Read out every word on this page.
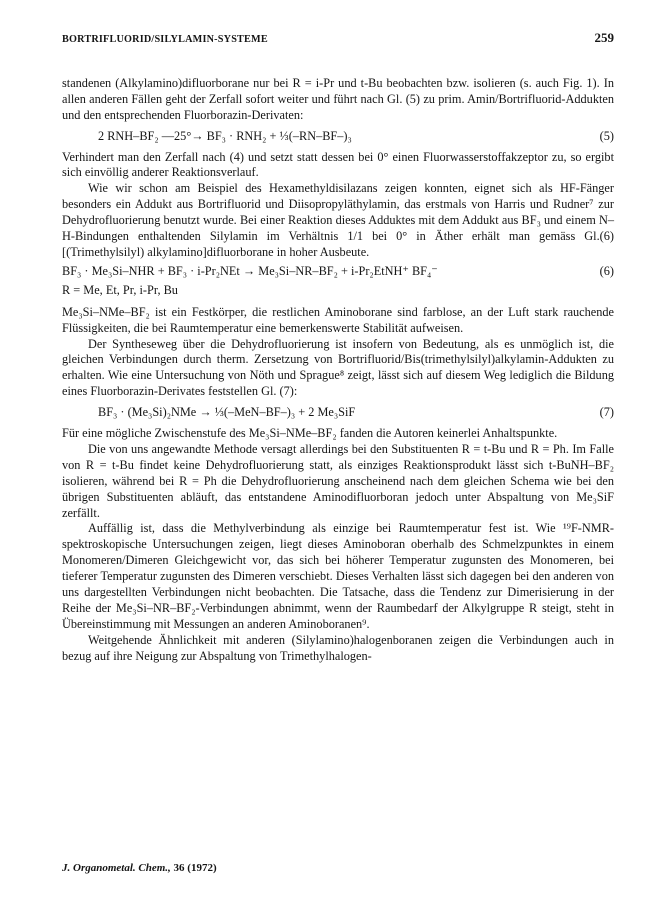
BORTRIFLUORID/SILYLAMIN-SYSTEME	259

standenen (Alkylamino)difluorborane nur bei R = i-Pr und t-Bu beobachten bzw. isolieren (s. auch Fig. 1). In allen anderen Fällen geht der Zerfall sofort weiter und führt nach Gl. (5) zu prim. Amin/Bortrifluorid-Addukten und den entsprechenden Fluorborazin-Derivaten:

2 RNH–BF₂ —25°→ BF₃ · RNH₂ + ⅓(–RN–BF–)₃	(5)

Verhindert man den Zerfall nach (4) und setzt statt dessen bei 0° einen Fluorwasserstoffakzeptor zu, so ergibt sich einvöllig anderer Reaktionsverlauf.

Wie wir schon am Beispiel des Hexamethyldisilazans zeigen konnten, eignet sich als HF-Fänger besonders ein Addukt aus Bortrifluorid und Diisopropyläthylamin, das erstmals von Harris und Rudner⁷ zur Dehydrofluorierung benutzt wurde. Bei einer Reaktion dieses Adduktes mit dem Addukt aus BF₃ und einem N–H-Bindungen enthaltenden Silylamin im Verhältnis 1/1 bei 0° in Äther erhält man gemäss Gl.(6) [(Trimethylsilyl) alkylamino]difluorborane in hoher Ausbeute.

BF₃ · Me₃Si–NHR + BF₃ · i-Pr₂NEt → Me₃Si–NR–BF₂ + i-Pr₂EtNH⁺ BF₄⁻	(6)

R = Me, Et, Pr, i-Pr, Bu

Me₃Si–NMe–BF₂ ist ein Festkörper, die restlichen Aminoborane sind farblose, an der Luft stark rauchende Flüssigkeiten, die bei Raumtemperatur eine bemerkenswerte Stabilität aufweisen.

Der Syntheseweg über die Dehydrofluorierung ist insofern von Bedeutung, als es unmöglich ist, die gleichen Verbindungen durch therm. Zersetzung von Bortrifluorid/Bis(trimethylsilyl)alkylamin-Addukten zu erhalten. Wie eine Untersuchung von Nöth und Sprague⁸ zeigt, lässt sich auf diesem Weg lediglich die Bildung eines Fluorborazin-Derivates feststellen Gl. (7):

BF₃ · (Me₃Si)₂NMe → ⅓(–MeN–BF–)₃ + 2 Me₃SiF	(7)

Für eine mögliche Zwischenstufe des Me₃Si–NMe–BF₂ fanden die Autoren keinerlei Anhaltspunkte.

Die von uns angewandte Methode versagt allerdings bei den Substituenten R = t-Bu und R = Ph. Im Falle von R = t-Bu findet keine Dehydrofluorierung statt, als einziges Reaktionsprodukt lässt sich t-BuNH–BF₂ isolieren, während bei R = Ph die Dehydrofluorierung anscheinend nach dem gleichen Schema wie bei den übrigen Substituenten abläuft, das entstandene Aminodifluorboran jedoch unter Abspaltung von Me₃SiF zerfällt.

Auffällig ist, dass die Methylverbindung als einzige bei Raumtemperatur fest ist. Wie ¹⁹F-NMR-spektroskopische Untersuchungen zeigen, liegt dieses Aminoboran oberhalb des Schmelzpunktes in einem Monomeren/Dimeren Gleichgewicht vor, das sich bei höherer Temperatur zugunsten des Monomeren, bei tieferer Temperatur zugunsten des Dimeren verschiebt. Dieses Verhalten lässt sich dagegen bei den anderen von uns dargestellten Verbindungen nicht beobachten. Die Tatsache, dass die Tendenz zur Dimerisierung in der Reihe der Me₃Si–NR–BF₂-Verbindungen abnimmt, wenn der Raumbedarf der Alkylgruppe R steigt, steht in Übereinstimmung mit Messungen an anderen Aminoboranen⁹.

Weitgehende Ähnlichkeit mit anderen (Silylamino)halogenboranen zeigen die Verbindungen auch in bezug auf ihre Neigung zur Abspaltung von Trimethylhalogen-

J. Organometal. Chem., 36 (1972)
